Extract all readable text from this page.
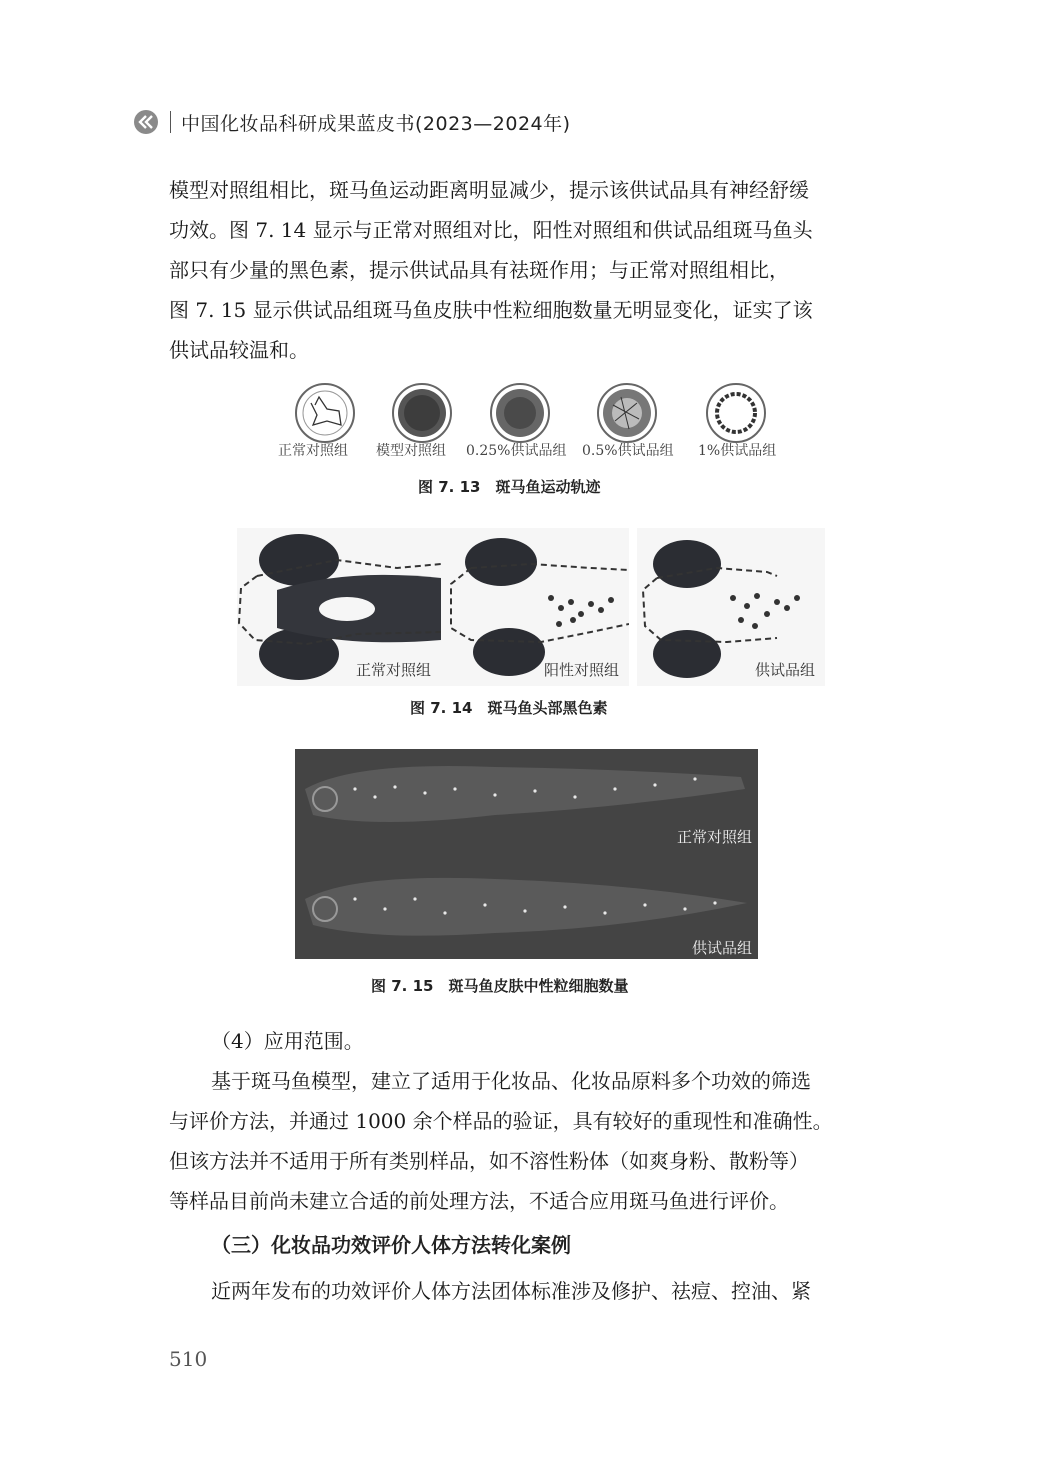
中国化妆品科研成果蓝皮书(2023—2024年)

模型对照组相比，斑马鱼运动距离明显减少，提示该供试品具有神经舒缓

功效。图 7. 14 显示与正常对照组对比，阳性对照组和供试品组斑马鱼头

部只有少量的黑色素，提示供试品具有祛斑作用；与正常对照组相比，

图 7. 15 显示供试品组斑马鱼皮肤中性粒细胞数量无明显变化，证实了该

供试品较温和。

正常对照组 模型对照组 0.25%供试品组 0.5%供试品组 1%供试品组
图 7. 13　斑马鱼运动轨迹
正常对照组	阳性对照组	供试品组
图 7. 14　斑马鱼头部黑色素
正常对照组
供试品组
图 7. 15　斑马鱼皮肤中性粒细胞数量

（4）应用范围。

基于斑马鱼模型，建立了适用于化妆品、化妆品原料多个功效的筛选

与评价方法，并通过 1000 余个样品的验证，具有较好的重现性和准确性。

但该方法并不适用于所有类别样品，如不溶性粉体（如爽身粉、散粉等）

等样品目前尚未建立合适的前处理方法，不适合应用斑马鱼进行评价。

（三）化妆品功效评价人体方法转化案例

近两年发布的功效评价人体方法团体标准涉及修护、祛痘、控油、紧

510
